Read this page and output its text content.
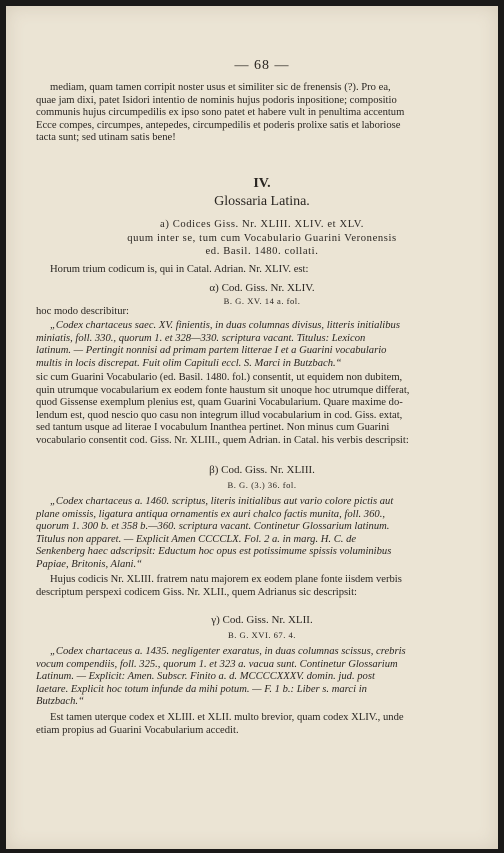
— 68 —

mediam, quam tamen corripit noster usus et similiter sic de frenensis (?). Pro ea,
quae jam dixi, patet Isidori intentio de nominis hujus podoris inpositione; compositio
communis hujus circumpedilis ex ipso sono patet et habere vult in penultima accentum
Ecce compes, circumpes, antepedes, circumpedilis et poderis prolixe satis et laboriose
tacta sunt; sed utinam satis bene!

IV.
Glossaria Latina.
a) Codices Giss. Nr. XLIII. XLIV. et XLV.
quum inter se, tum cum Vocabulario Guarini Veronensis
ed. Basil. 1480. collati.
Horum trium codicum is, qui in Catal. Adrian. Nr. XLIV. est:
α) Cod. Giss. Nr. XLIV.
B. G. XV. 14 a. fol.
hoc modo describitur:

„Codex chartaceus saec. XV. finientis, in duas columnas divisus, litteris initialibus
miniatis, foll. 330., quorum 1. et 328—330. scriptura vacant. Titulus: Lexicon
latinum. — Pertingit nonnisi ad primam partem litterae I et a Guarini vocabulario
multis in locis discrepat. Fuit olim Capituli eccl. S. Marci in Butzbach.“

sic cum Guarini Vocabulario (ed. Basil. 1480. fol.) consentit, ut equidem non dubitem,
quin utrumque vocabularium ex eodem fonte haustum sit unoque hoc utrumque differat,
quod Gissense exemplum plenius est, quam Guarini Vocabularium. Quare maxime do-
lendum est, quod nescio quo casu non integrum illud vocabularium in cod. Giss. extat,
sed tantum usque ad literae I vocabulum Inanthea pertinet. Non minus cum Guarini
vocabulario consentit cod. Giss. Nr. XLIII., quem Adrian. in Catal. his verbis descripsit:

β) Cod. Giss. Nr. XLIII.
B. G. (3.) 36. fol.

„Codex chartaceus a. 1460. scriptus, literis initialibus aut vario colore pictis aut
plane omissis, ligatura antiqua ornamentis ex auri chalco factis munita, foll. 360.,
quorum 1. 300 b. et 358 b.—360. scriptura vacant. Continetur Glossarium latinum.
Titulus non apparet. — Explicit Amen CCCCLX. Fol. 2 a. in marg. H. C. de
Senkenberg haec adscripsit: Eductum hoc opus est potissimume spissis voluminibus
Papiae, Britonis, Alani.“

Hujus codicis Nr. XLIII. fratrem natu majorem ex eodem plane fonte iisdem verbis
descriptum perspexi codicem Giss. Nr. XLII., quem Adrianus sic descripsit:

γ) Cod. Giss. Nr. XLII.
B. G. XVI. 67. 4.

„Codex chartaceus a. 1435. negligenter exaratus, in duas columnas scissus, crebris
vocum compendiis, foll. 325., quorum 1. et 323 a. vacua sunt. Continetur Glossarium
Latinum. — Explicit: Amen. Subscr. Finito a. d. MCCCCXXXV. domin. jud. post
laetare. Explicit hoc totum infunde da mihi potum. — F. 1 b.: Liber s. marci in
Butzbach.“

Est tamen uterque codex et XLIII. et XLII. multo brevior, quam codex XLIV., unde
etiam propius ad Guarini Vocabularium accedit.
